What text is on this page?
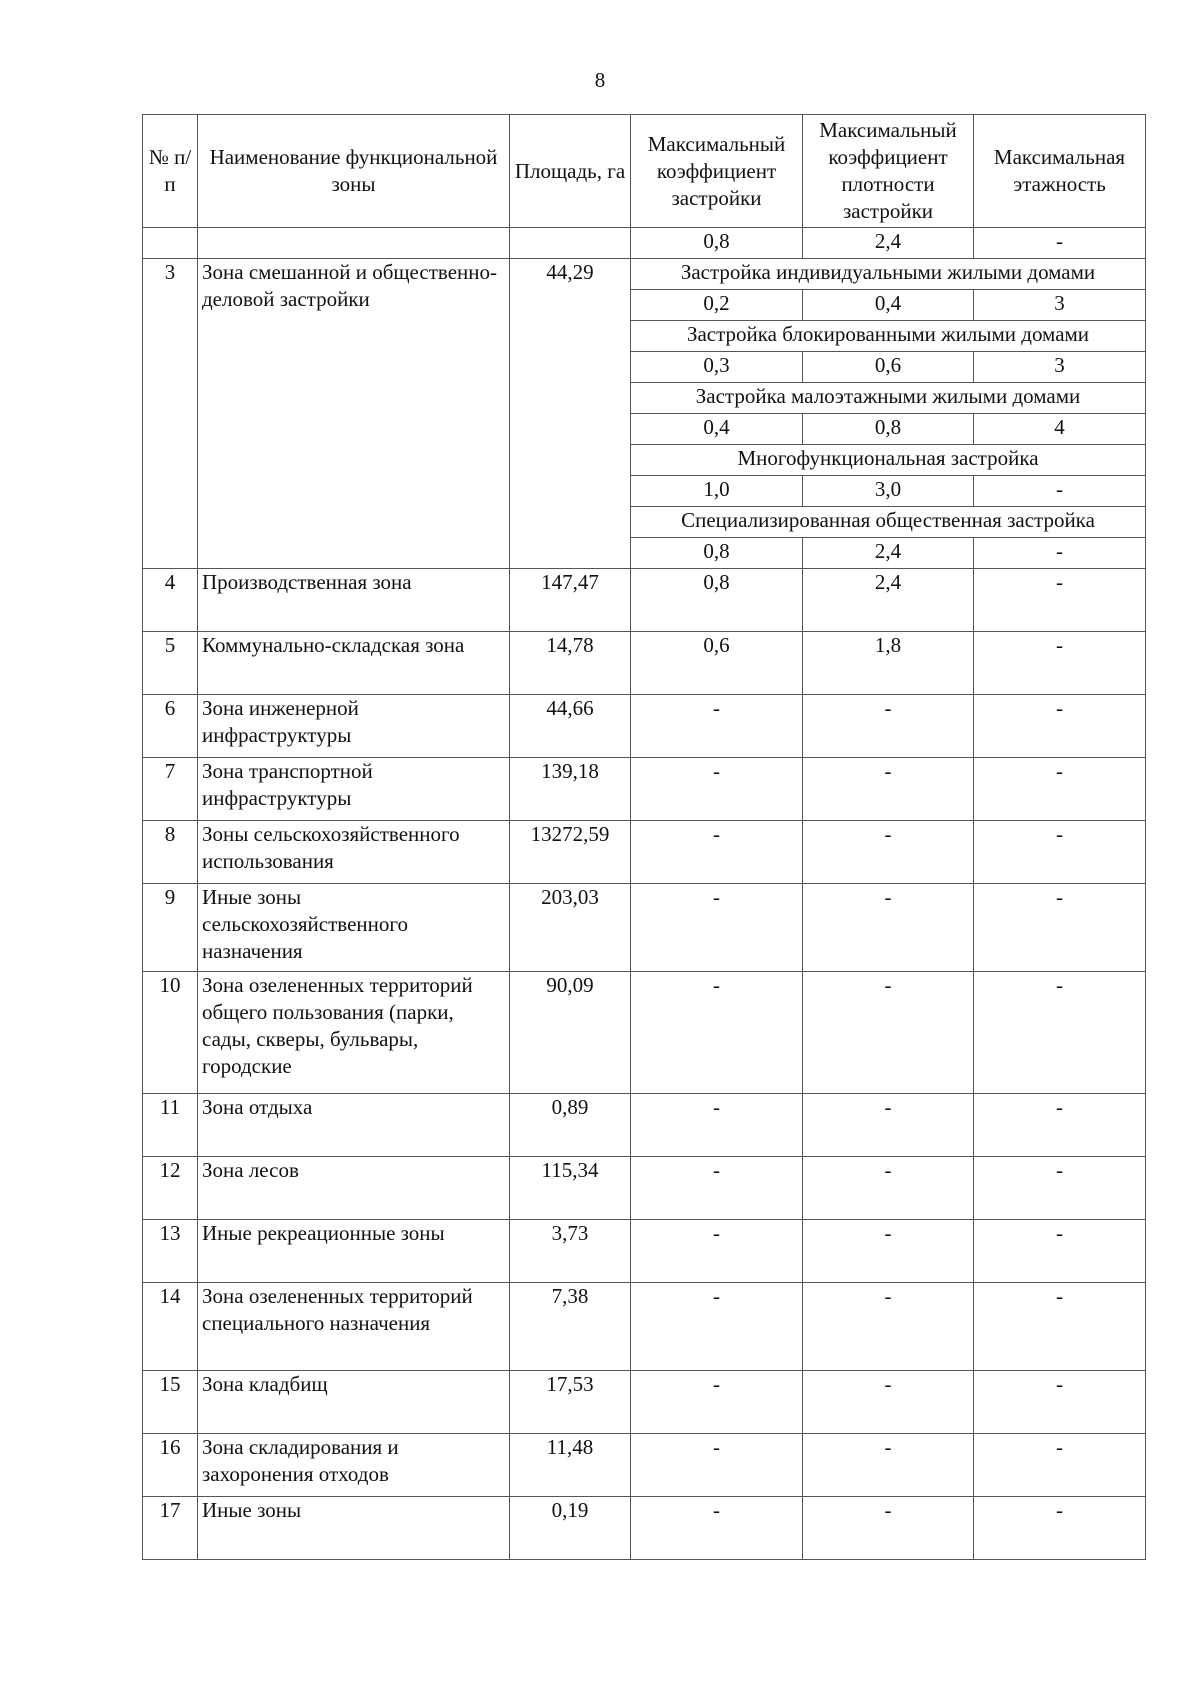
8
№ п/п	Наименование функциональной зоны	Площадь, га	Максимальный коэффициент застройки	Максимальный коэффициент плотности застройки	Максимальная этажность
			0,8	2,4	-
3	Зона смешанной и общественно-деловой застройки	44,29	Застройка индивидуальными жилыми домами		
			0,2	0,4	3
			Застройка блокированными жилыми домами		
			0,3	0,6	3
			Застройка малоэтажными жилыми домами		
			0,4	0,8	4
			Многофункциональная застройка		
			1,0	3,0	-
			Специализированная общественная застройка		
			0,8	2,4	-
4	Производственная зона	147,47	0,8	2,4	-
5	Коммунально-складская зона	14,78	0,6	1,8	-
6	Зона инженерной инфраструктуры	44,66	-	-	-
7	Зона транспортной инфраструктуры	139,18	-	-	-
8	Зоны сельскохозяйственного использования	13272,59	-	-	-
9	Иные зоны сельскохозяйственного назначения	203,03	-	-	-
10	Зона озелененных территорий общего пользования (парки, сады, скверы, бульвары, городские	90,09	-	-	-
11	Зона отдыха	0,89	-	-	-
12	Зона лесов	115,34	-	-	-
13	Иные рекреационные зоны	3,73	-	-	-
14	Зона озелененных территорий специального назначения	7,38	-	-	-
15	Зона кладбищ	17,53	-	-	-
16	Зона складирования и захоронения отходов	11,48	-	-	-
17	Иные зоны	0,19	-	-	-
